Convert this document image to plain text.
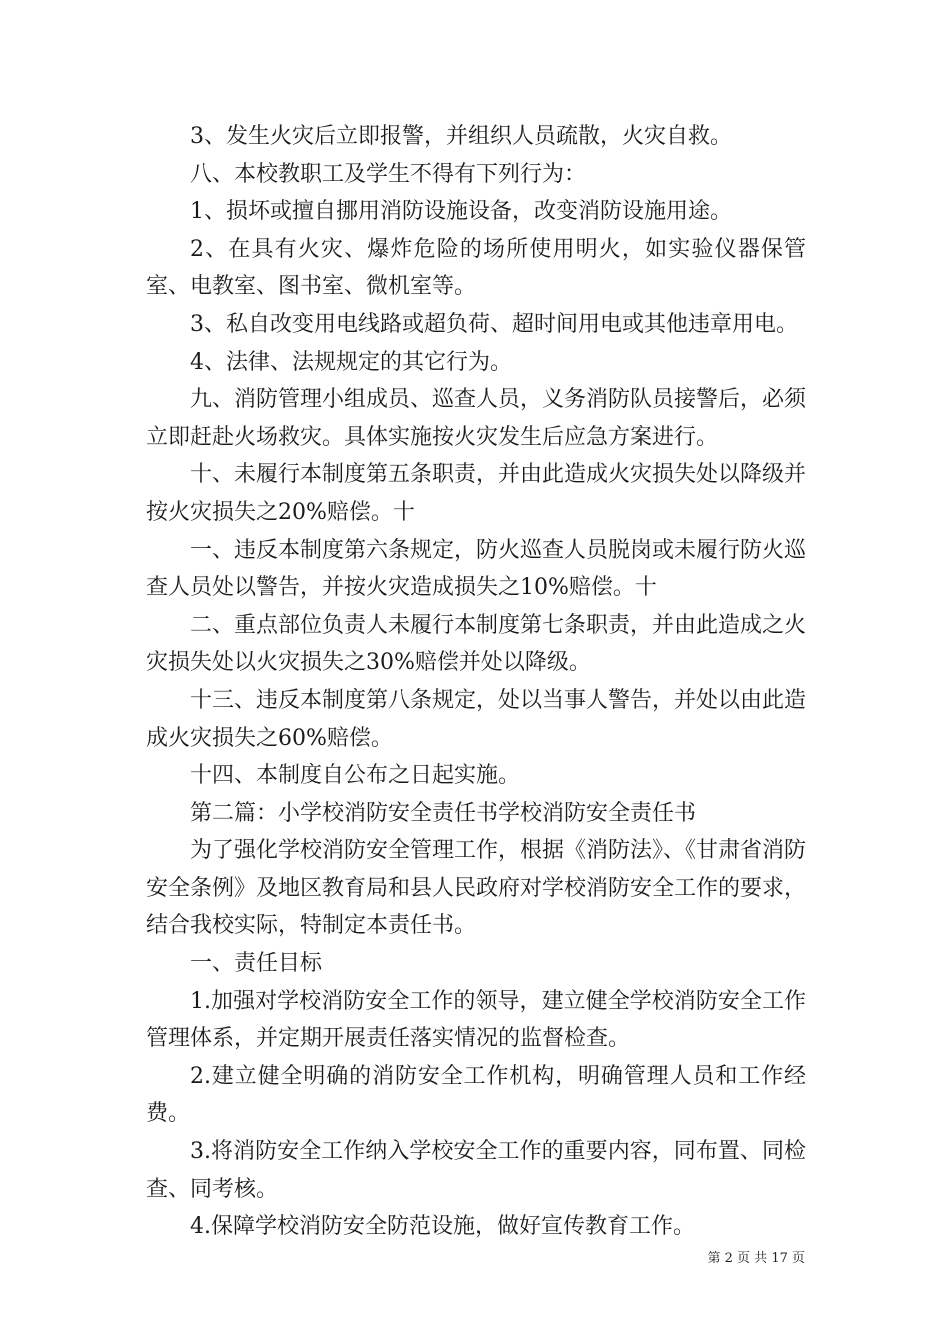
3、发生火灾后立即报警，并组织人员疏散，火灾自救。

八、本校教职工及学生不得有下列行为：

1、损坏或擅自挪用消防设施设备，改变消防设施用途。

2、在具有火灾、爆炸危险的场所使用明火，如实验仪器保管室、电教室、图书室、微机室等。

3、私自改变用电线路或超负荷、超时间用电或其他违章用电。

4、法律、法规规定的其它行为。

九、消防管理小组成员、巡查人员，义务消防队员接警后，必须立即赶赴火场救灾。具体实施按火灾发生后应急方案进行。

十、未履行本制度第五条职责，并由此造成火灾损失处以降级并按火灾损失之20%赔偿。十

一、违反本制度第六条规定，防火巡查人员脱岗或未履行防火巡查人员处以警告，并按火灾造成损失之10%赔偿。十

二、重点部位负责人未履行本制度第七条职责，并由此造成之火灾损失处以火灾损失之30%赔偿并处以降级。

十三、违反本制度第八条规定，处以当事人警告，并处以由此造成火灾损失之60%赔偿。

十四、本制度自公布之日起实施。

第二篇：小学校消防安全责任书学校消防安全责任书

为了强化学校消防安全管理工作，根据《消防法》、《甘肃省消防安全条例》及地区教育局和县人民政府对学校消防安全工作的要求，结合我校实际，特制定本责任书。

一、责任目标

1.加强对学校消防安全工作的领导，建立健全学校消防安全工作管理体系，并定期开展责任落实情况的监督检查。

2.建立健全明确的消防安全工作机构，明确管理人员和工作经费。

3.将消防安全工作纳入学校安全工作的重要内容，同布置、同检查、同考核。

4.保障学校消防安全防范设施，做好宣传教育工作。

第 2 页 共 17 页
